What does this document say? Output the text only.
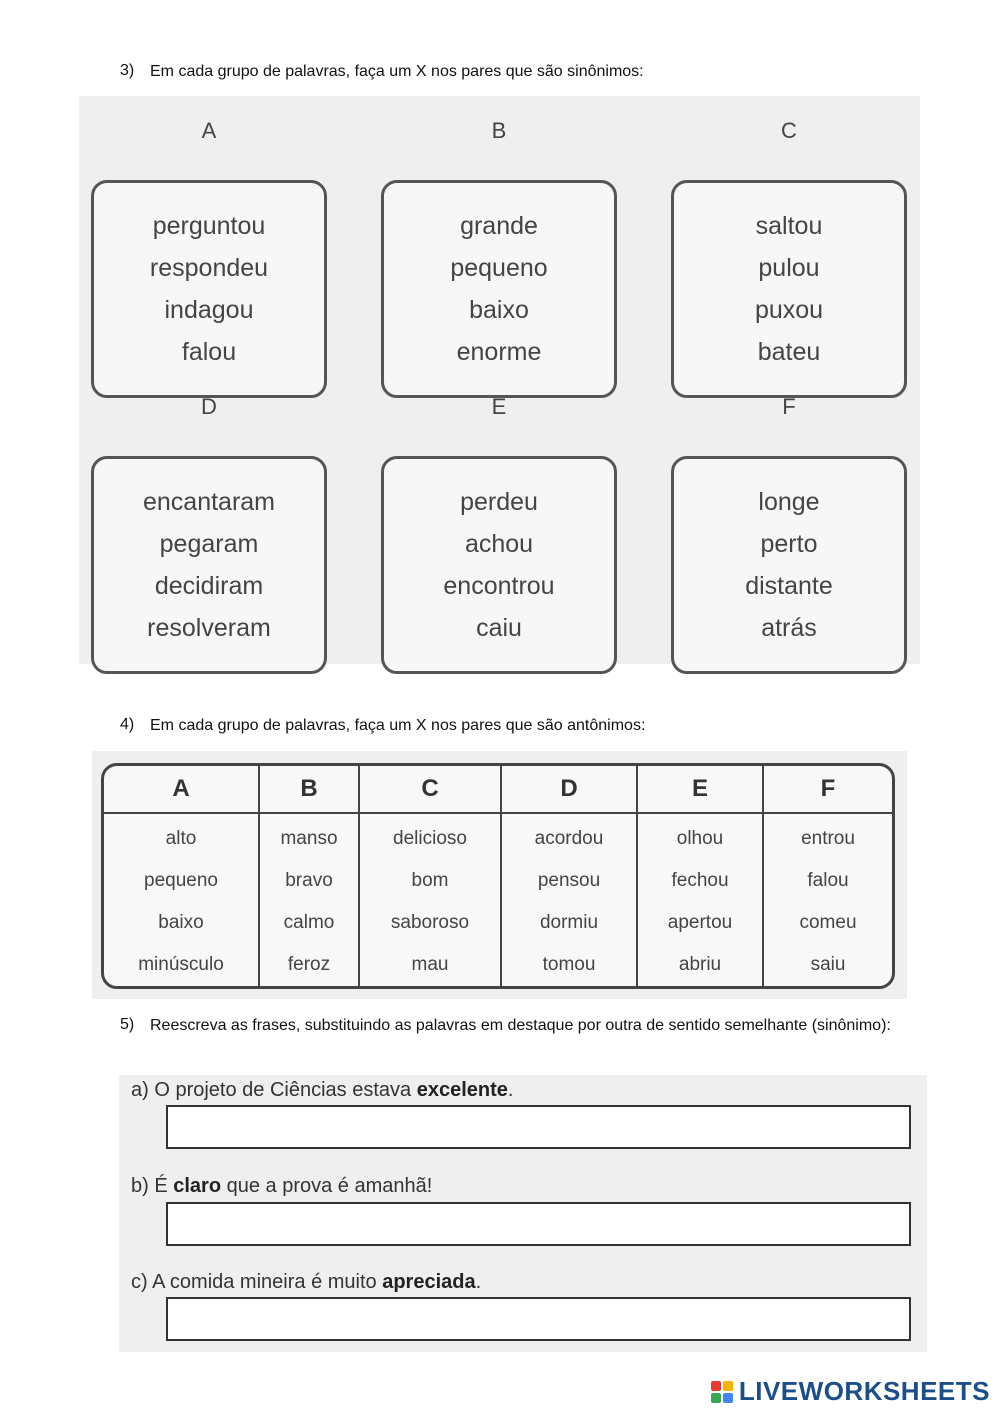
3) Em cada grupo de palavras, faça um X nos pares que são sinônimos:
A
perguntou
respondeu
indagou
falou
B
grande
pequeno
baixo
enorme
C
saltou
pulou
puxou
bateu
D
encantaram
pegaram
decidiram
resolveram
E
perdeu
achou
encontrou
caiu
F
longe
perto
distante
atrás
4) Em cada grupo de palavras, faça um X nos pares que são antônimos:
A
alto
pequeno
baixo
minúsculo
B
manso
bravo
calmo
feroz
C
delicioso
bom
saboroso
mau
D
acordou
pensou
dormiu
tomou
E
olhou
fechou
apertou
abriu
F
entrou
falou
comeu
saiu
5) Reescreva as frases, substituindo as palavras em destaque por outra de sentido semelhante (sinônimo):
a) O projeto de Ciências estava excelente.
b) É claro que a prova é amanhã!
c) A comida mineira é muito apreciada.
LIVEWORKSHEETS
